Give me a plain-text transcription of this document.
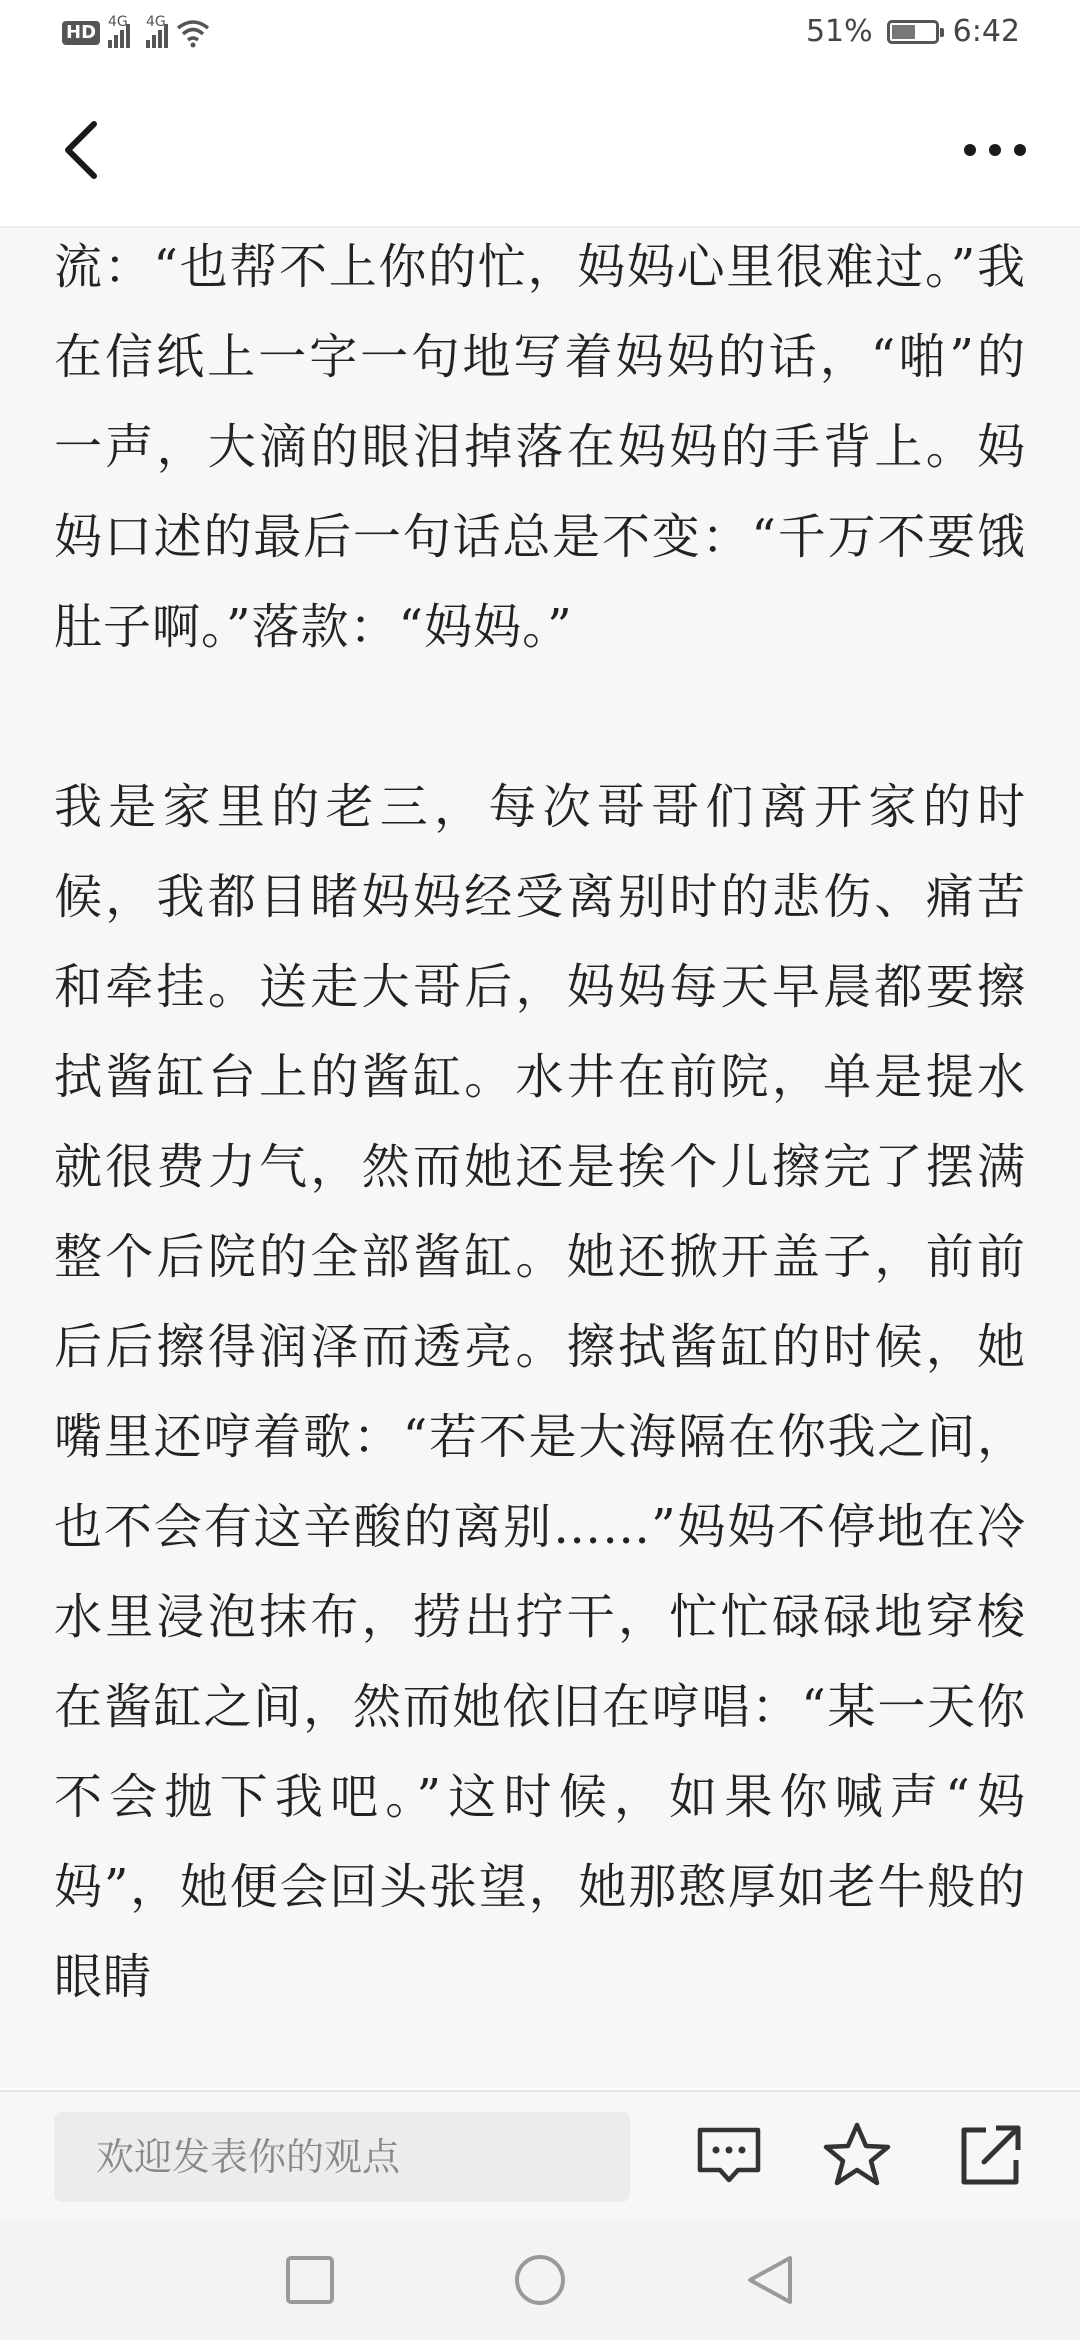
HD 4G 4G	51%	6:42

流：“也帮不上你的忙，妈妈心里很难过。”我在信纸上一字一句地写着妈妈的话，“啪”的一声，大滴的眼泪掉落在妈妈的手背上。妈妈口述的最后一句话总是不变：“千万不要饿肚子啊。”落款：“妈妈。”

我是家里的老三，每次哥哥们离开家的时候，我都目睹妈妈经受离别时的悲伤、痛苦和牵挂。送走大哥后，妈妈每天早晨都要擦拭酱缸台上的酱缸。水井在前院，单是提水就很费力气，然而她还是挨个儿擦完了摆满整个后院的全部酱缸。她还掀开盖子，前前后后擦得润泽而透亮。擦拭酱缸的时候，她嘴里还哼着歌：“若不是大海隔在你我之间，也不会有这辛酸的离别……”妈妈不停地在冷水里浸泡抹布，捞出拧干，忙忙碌碌地穿梭在酱缸之间，然而她依旧在哼唱：“某一天你不会抛下我吧。”这时候，如果你喊声“妈妈”，她便会回头张望，她那憨厚如老牛般的眼睛

欢迎发表你的观点
